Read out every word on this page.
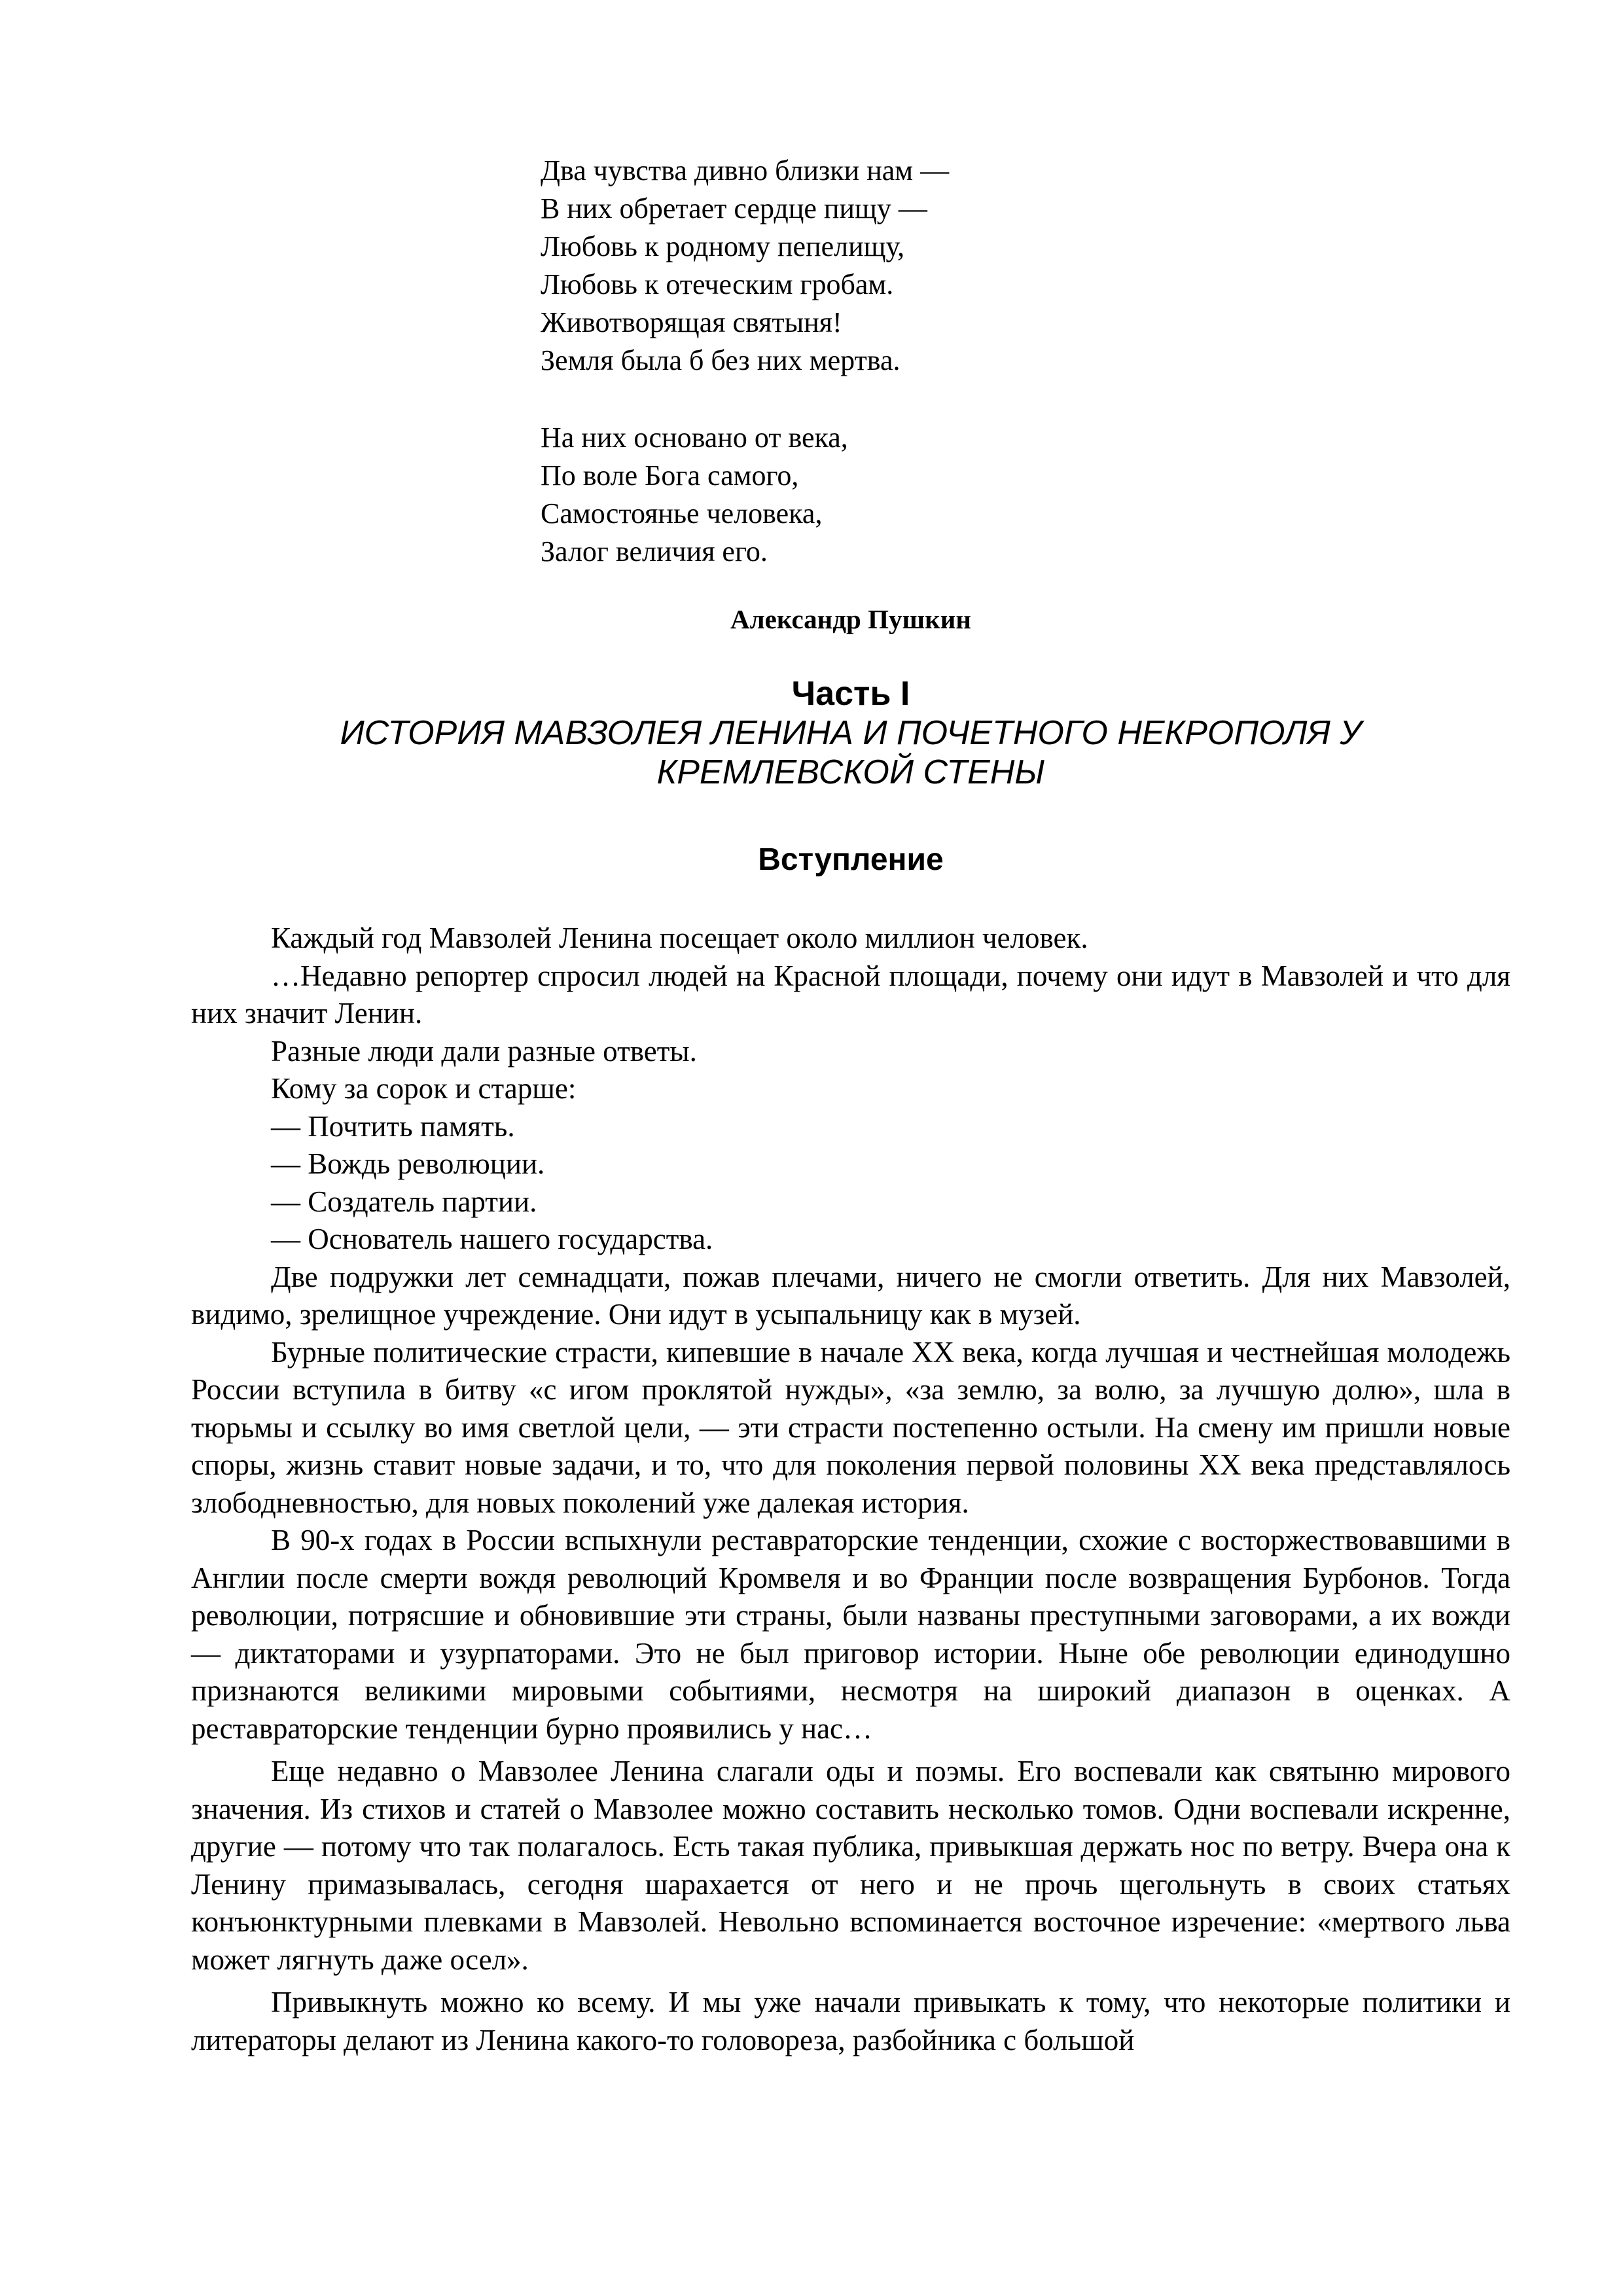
Два чувства дивно близки нам —
В них обретает сердце пищу —
Любовь к родному пепелищу,
Любовь к отеческим гробам.
Животворящая святыня!
Земля была б без них мертва.
На них основано от века,
По воле Бога самого,
Самостоянье человека,
Залог величия его.
Александр Пушкин
Часть I
ИСТОРИЯ МАВЗОЛЕЯ ЛЕНИНА И ПОЧЕТНОГО НЕКРОПОЛЯ У КРЕМЛЕВСКОЙ СТЕНЫ
Вступление

Каждый год Мавзолей Ленина посещает около миллион человек.

…Недавно репортер спросил людей на Красной площади, почему они идут в Мавзолей и что для них значит Ленин.

Разные люди дали разные ответы.

Кому за сорок и старше:

— Почтить память.

— Вождь революции.

— Создатель партии.

— Основатель нашего государства.

Две подружки лет семнадцати, пожав плечами, ничего не смогли ответить. Для них Мавзолей, видимо, зрелищное учреждение. Они идут в усыпальницу как в музей.

Бурные политические страсти, кипевшие в начале XX века, когда лучшая и честнейшая молодежь России вступила в битву «с игом проклятой нужды», «за землю, за волю, за лучшую долю», шла в тюрьмы и ссылку во имя светлой цели, — эти страсти постепенно остыли. На смену им пришли новые споры, жизнь ставит новые задачи, и то, что для поколения первой половины XX века представлялось злободневностью, для новых поколений уже далекая история.

В 90-х годах в России вспыхнули реставраторские тенденции, схожие с восторжествовавшими в Англии после смерти вождя революций Кромвеля и во Франции после возвращения Бурбонов. Тогда революции, потрясшие и обновившие эти страны, были названы преступными заговорами, а их вожди — диктаторами и узурпаторами. Это не был приговор истории. Ныне обе революции единодушно признаются великими мировыми событиями, несмотря на широкий диапазон в оценках. А реставраторские тенденции бурно проявились у нас…

Еще недавно о Мавзолее Ленина слагали оды и поэмы. Его воспевали как святыню мирового значения. Из стихов и статей о Мавзолее можно составить несколько томов. Одни воспевали искренне, другие — потому что так полагалось. Есть такая публика, привыкшая держать нос по ветру. Вчера она к Ленину примазывалась, сегодня шарахается от него и не прочь щегольнуть в своих статьях конъюнктурными плевками в Мавзолей. Невольно вспоминается восточное изречение: «мертвого льва может лягнуть даже осел».

Привыкнуть можно ко всему. И мы уже начали привыкать к тому, что некоторые политики и литераторы делают из Ленина какого-то головореза, разбойника с большой
